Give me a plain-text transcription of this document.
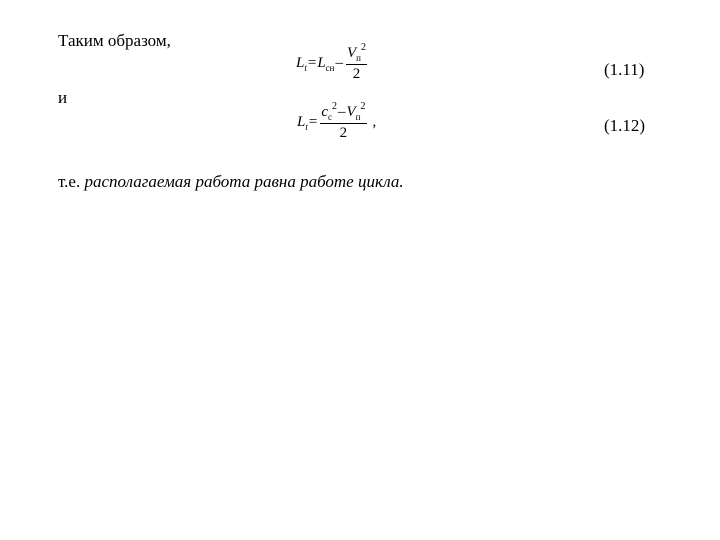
Таким образом,
L t = L сн – $\frac{V_п^2}{2}$	(1.11)
и
L $t = \frac{c_с^2-V_п^2}{2}$ ,	(1.12)
т.е. располагаемая работа равна работе цикла.
